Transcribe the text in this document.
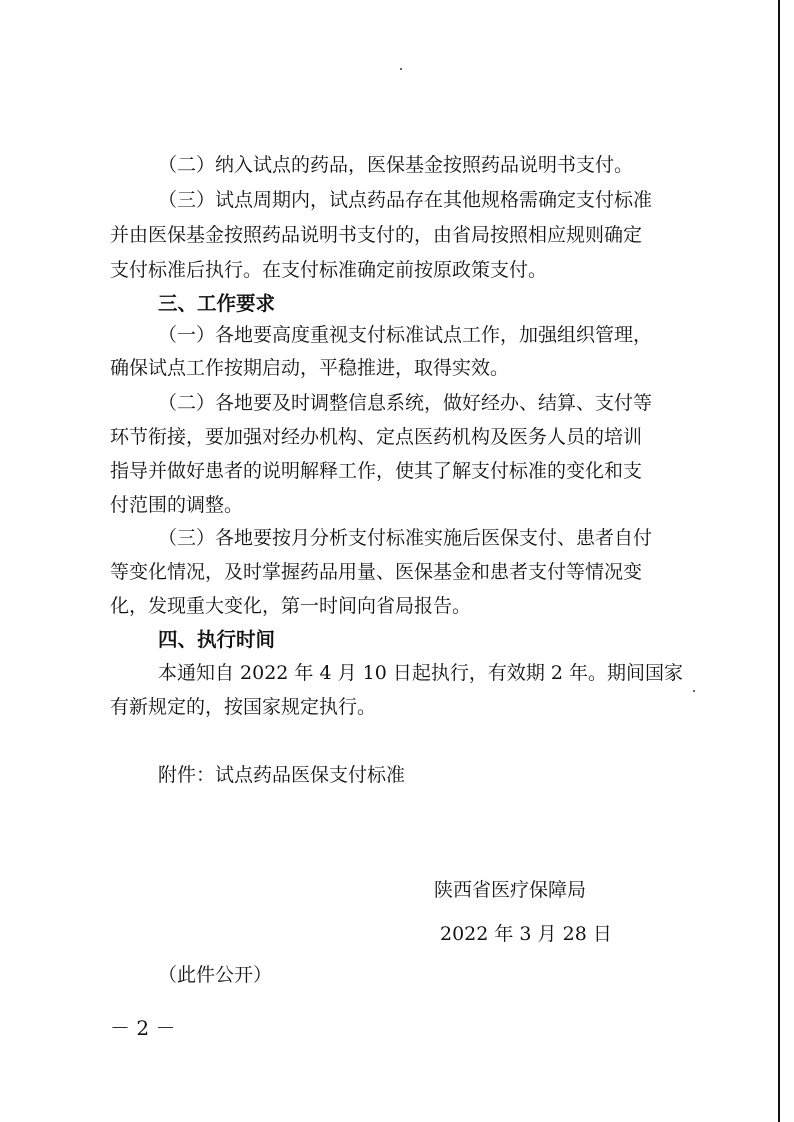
（二）纳入试点的药品，医保基金按照药品说明书支付。
（三）试点周期内，试点药品存在其他规格需确定支付标准
并由医保基金按照药品说明书支付的，由省局按照相应规则确定
支付标准后执行。在支付标准确定前按原政策支付。
三、工作要求
（一）各地要高度重视支付标准试点工作，加强组织管理，
确保试点工作按期启动，平稳推进，取得实效。
（二）各地要及时调整信息系统，做好经办、结算、支付等
环节衔接，要加强对经办机构、定点医药机构及医务人员的培训
指导并做好患者的说明解释工作，使其了解支付标准的变化和支
付范围的调整。
（三）各地要按月分析支付标准实施后医保支付、患者自付
等变化情况，及时掌握药品用量、医保基金和患者支付等情况变
化，发现重大变化，第一时间向省局报告。
四、执行时间
本通知自 2022 年 4 月 10 日起执行，有效期 2 年。期间国家
有新规定的，按国家规定执行。
附件：试点药品医保支付标准
陕西省医疗保障局
2022 年 3 月 28 日
（此件公开）
－ 2 －
